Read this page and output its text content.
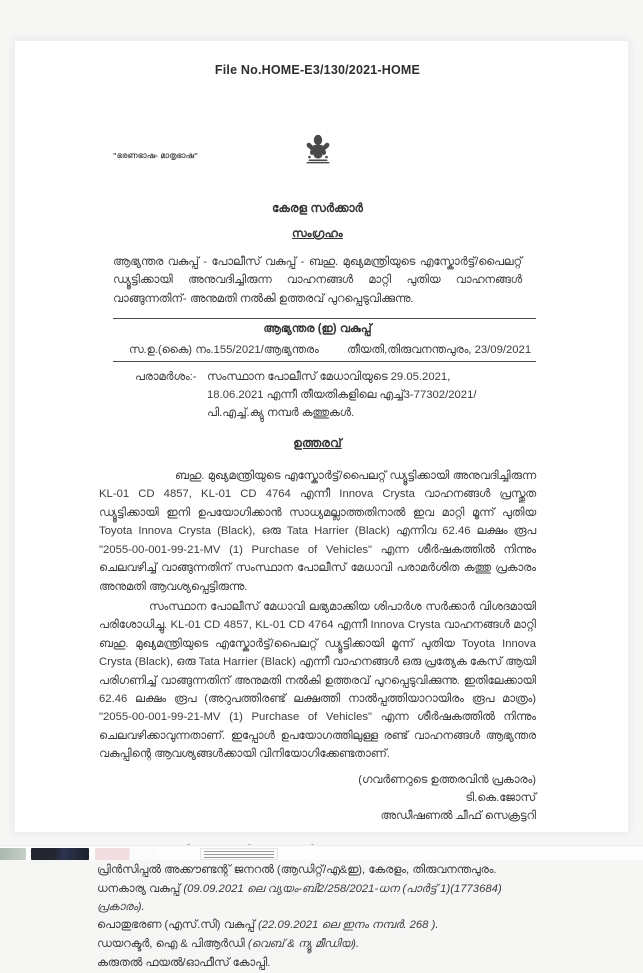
File No.HOME-E3/130/2021-HOME
"ഭരണഭാഷ- മാതൃഭാഷ"
കേരള സർക്കാർ
സംഗ്രഹം

ആഭ്യന്തര വകുപ്പ് - പോലീസ് വകുപ്പ് - ബഹു. മുഖ്യമന്ത്രിയുടെ എസ്കോർട്ട്/പൈലറ്റ് ഡ്യൂട്ടിക്കായി അനുവദിച്ചിരുന്ന വാഹനങ്ങൾ മാറ്റി പുതിയ വാഹനങ്ങൾ വാങ്ങുന്നതിന്- അനുമതി നൽകി ഉത്തരവ് പുറപ്പെടുവിക്കുന്നു.

ആഭ്യന്തര (ഇ) വകുപ്പ്
സ.ഉ.(കൈ) നം.155/2021/ആഭ്യന്തരം	തീയതി,തിരുവനന്തപുരം, 23/09/2021
പരാമർശം:- സംസ്ഥാന പോലീസ് മേധാവിയുടെ 29.05.2021, 18.06.2021 എന്നീ തീയതികളിലെ എച്ച്3-77302/2021/പി.എച്ച്.ക്യു നമ്പർ കത്തുകൾ.
ഉത്തരവ്

ബഹു. മുഖ്യമന്ത്രിയുടെ എസ്കോർട്ട്/പൈലറ്റ് ഡ്യൂട്ടിക്കായി അനുവദിച്ചിരുന്ന KL-01 CD 4857, KL-01 CD 4764 എന്നീ Innova Crysta വാഹനങ്ങൾ പ്രസ്തുത ഡ്യൂട്ടിക്കായി ഇനി ഉപയോഗിക്കാൻ സാധ്യമല്ലാത്തതിനാൽ ഇവ മാറ്റി മൂന്ന് പുതിയ Toyota Innova Crysta (Black), ഒരു Tata Harrier (Black) എന്നിവ 62.46 ലക്ഷം രൂപ "2055-00-001-99-21-MV (1) Purchase of Vehicles" എന്ന ശീർഷകത്തിൽ നിന്നും ചെലവഴിച്ച് വാങ്ങുന്നതിന് സംസ്ഥാന പോലീസ് മേധാവി പരാമർശിത കത്തു പ്രകാരം അനുമതി ആവശ്യപ്പെട്ടിരുന്നു.

സംസ്ഥാന പോലീസ് മേധാവി ലഭ്യമാക്കിയ ശിപാർശ സർക്കാർ വിശദമായി പരിശോധിച്ചു. KL-01 CD 4857, KL-01 CD 4764 എന്നീ Innova Crysta വാഹനങ്ങൾ മാറ്റി ബഹു. മുഖ്യമന്ത്രിയുടെ എസ്കോർട്ട്/പൈലറ്റ് ഡ്യൂട്ടിക്കായി മൂന്ന് പുതിയ Toyota Innova Crysta (Black), ഒരു Tata Harrier (Black) എന്നീ വാഹനങ്ങൾ ഒരു പ്രത്യേക കേസ് ആയി പരിഗണിച്ച് വാങ്ങുന്നതിന് അനുമതി നൽകി ഉത്തരവ് പുറപ്പെടുവിക്കുന്നു. ഇതിലേക്കായി 62.46 ലക്ഷം രൂപ (അറുപത്തിരണ്ട് ലക്ഷത്തി നാൽപ്പത്തിയാറായിരം രൂപ മാത്രം) "2055-00-001-99-21-MV (1) Purchase of Vehicles" എന്ന ശീർഷകത്തിൽ നിന്നും ചെലവഴിക്കാവുന്നതാണ്. ഇപ്പോൾ ഉപയോഗത്തിലുള്ള രണ്ട് വാഹനങ്ങൾ ആഭ്യന്തര വകുപ്പിന്റെ ആവശ്യങ്ങൾക്കായി വിനിയോഗിക്കേണ്ടതാണ്.

(ഗവർണറുടെ ഉത്തരവിൻ പ്രകാരം)
ടി.കെ.ജോസ്
അഡീഷണൽ ചീഫ് സെക്രട്ടറി
പ്രിൻസിപ്പൽ അക്കൗണ്ടന്റ് ജനറൽ (ആഡിറ്റ്/എ&ഇ), കേരളം, തിരുവനന്തപുരം.
ധനകാര്യ വകുപ്പ് (09.09.2021 ലെ വ്യയം-ബി2/258/2021-ധന (പാർട്ട് 1)(1773684) പ്രകാരം).
പൊതുഭരണ (എസ്.സി) വകുപ്പ് (22.09.2021 ലെ ഇനം നമ്പർ. 268 ).
ഡയറക്ടർ, ഐ & പിആർഡി (വെബ് & ന്യൂ മീഡിയ).
കരുതൽ ഫയൽ/ഓഫീസ് കോപ്പി.
